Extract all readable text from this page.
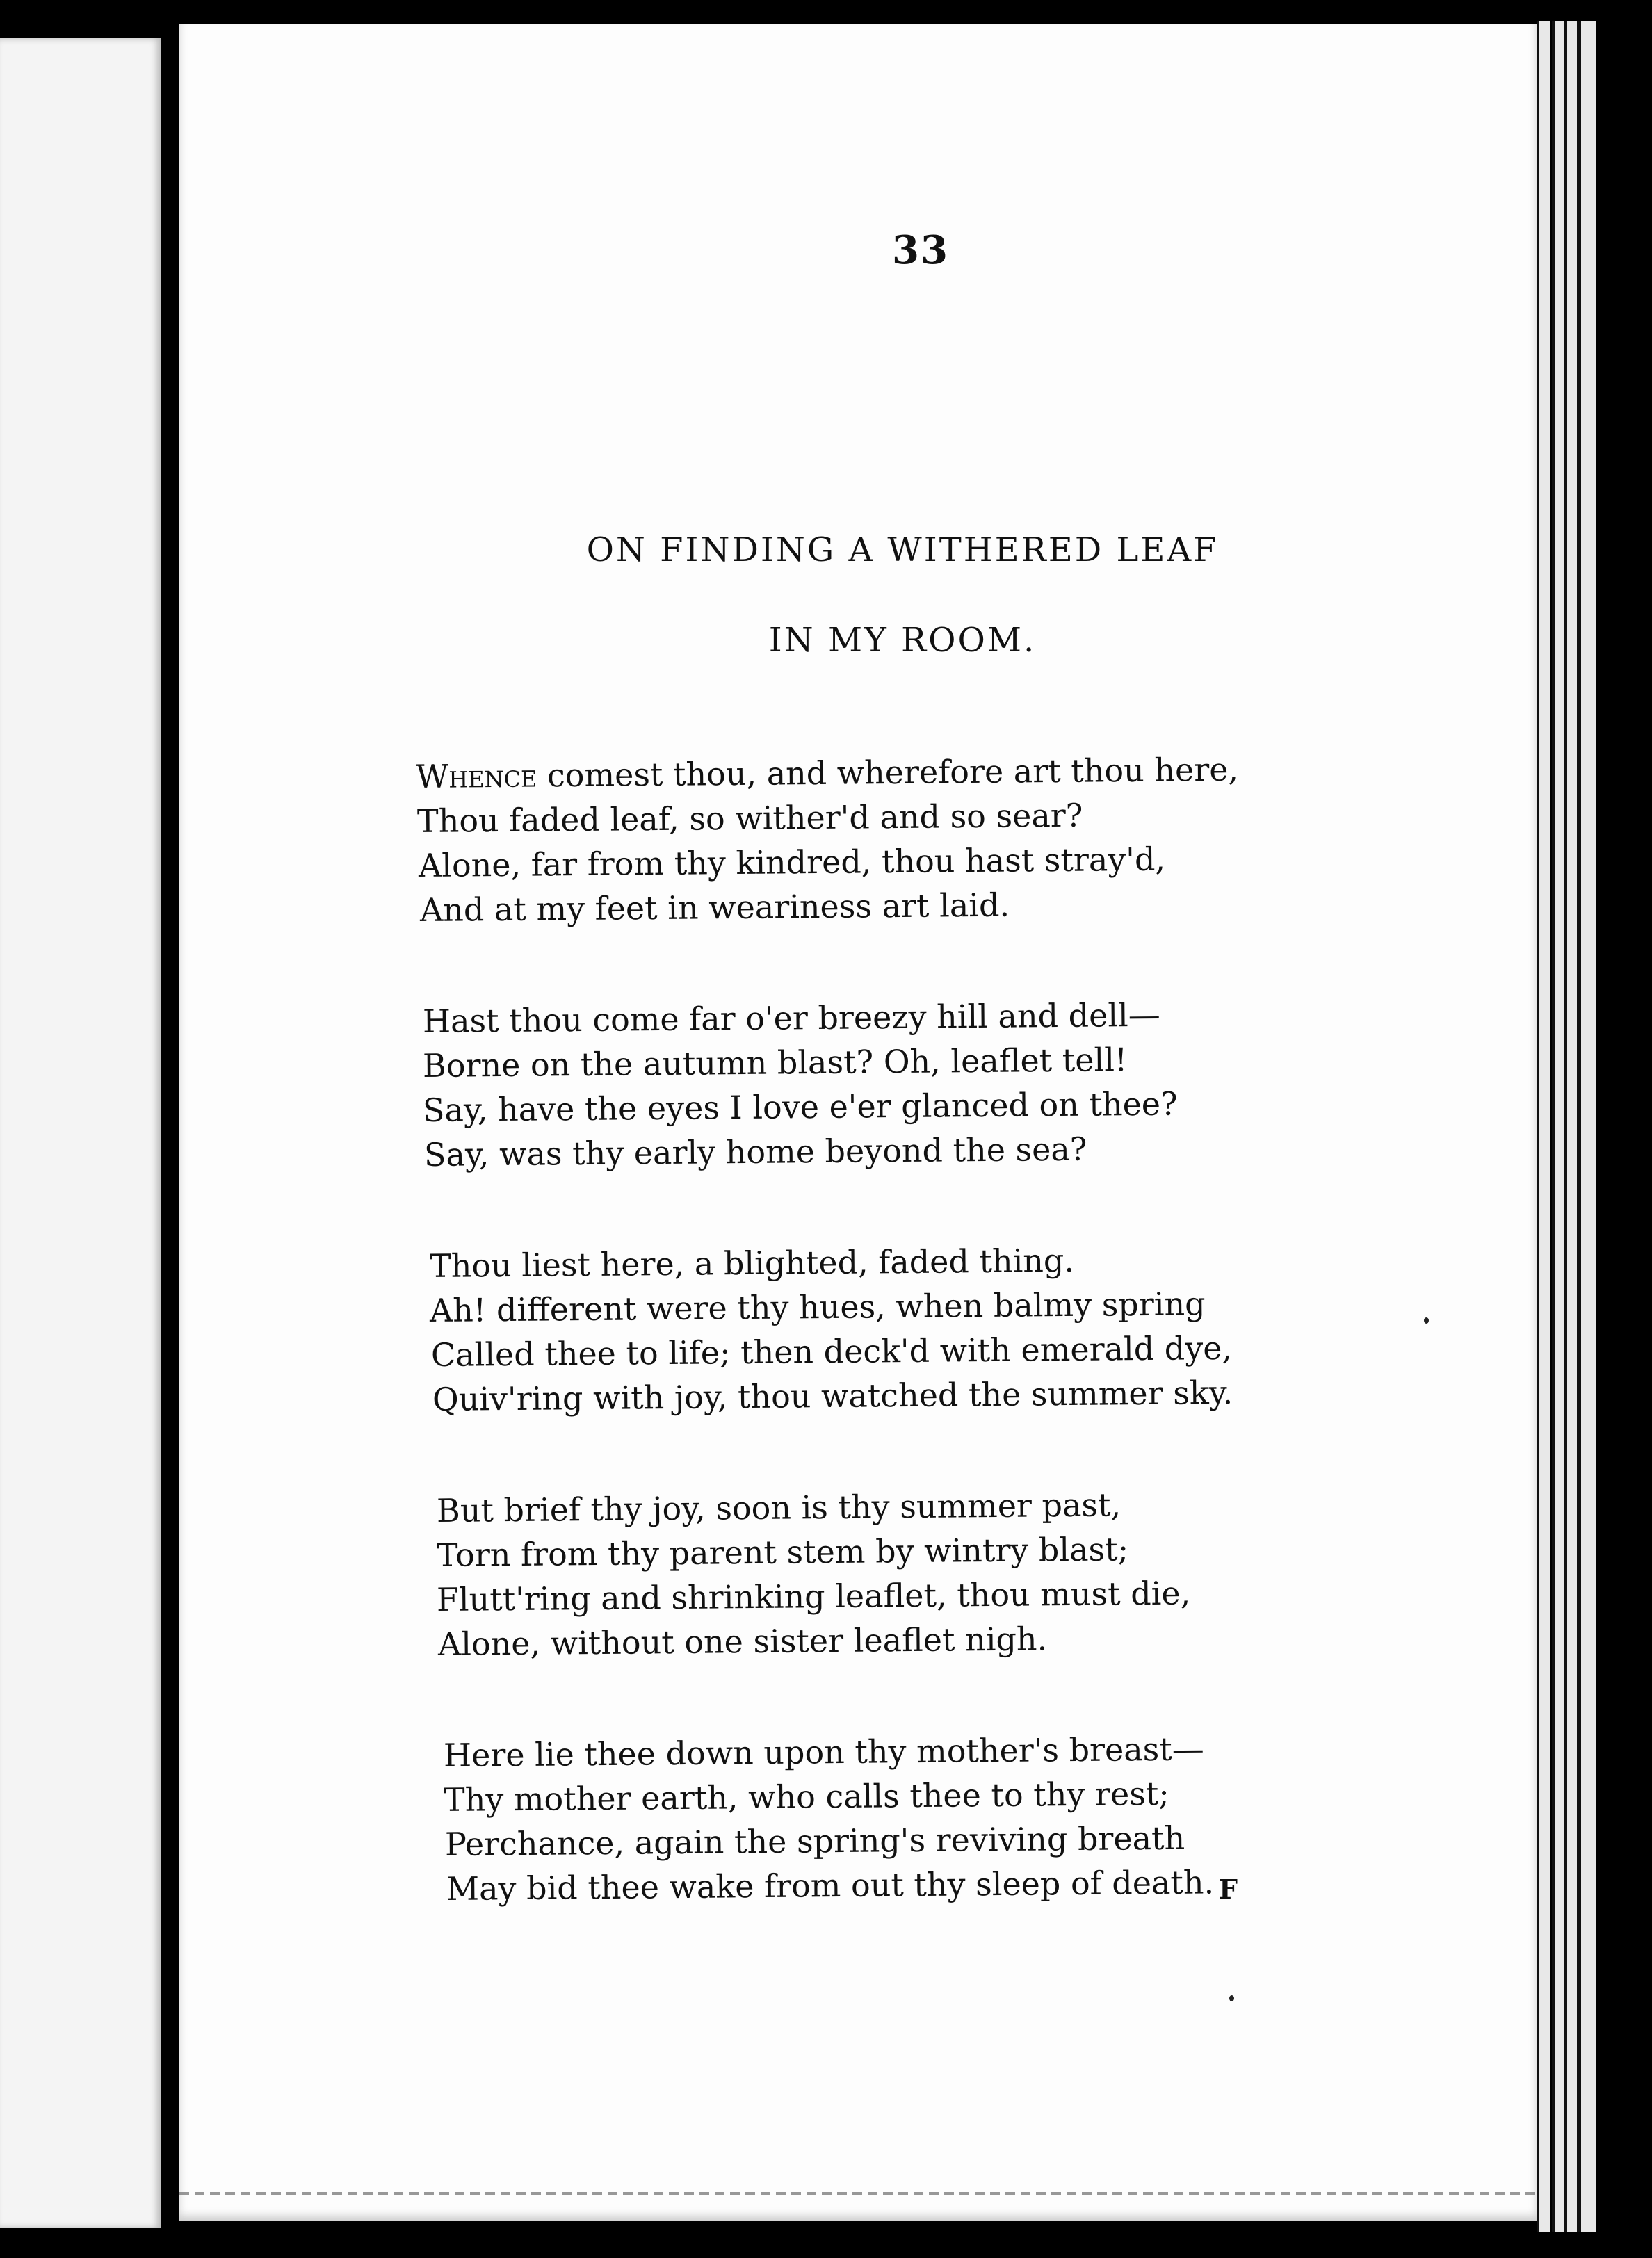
33
ON FINDING A WITHERED LEAF
IN MY ROOM.
Whence comest thou, and wherefore art thou here,
Thou faded leaf, so wither'd and so sear?
Alone, far from thy kindred, thou hast stray'd,
And at my feet in weariness art laid.
Hast thou come far o'er breezy hill and dell—
Borne on the autumn blast? Oh, leaflet tell!
Say, have the eyes I love e'er glanced on thee?
Say, was thy early home beyond the sea?
Thou liest here, a blighted, faded thing.
Ah! different were thy hues, when balmy spring
Called thee to life; then deck'd with emerald dye,
Quiv'ring with joy, thou watched the summer sky.
But brief thy joy, soon is thy summer past,
Torn from thy parent stem by wintry blast;
Flutt'ring and shrinking leaflet, thou must die,
Alone, without one sister leaflet nigh.
Here lie thee down upon thy mother's breast—
Thy mother earth, who calls thee to thy rest;
Perchance, again the spring's reviving breath
May bid thee wake from out thy sleep of death. F
